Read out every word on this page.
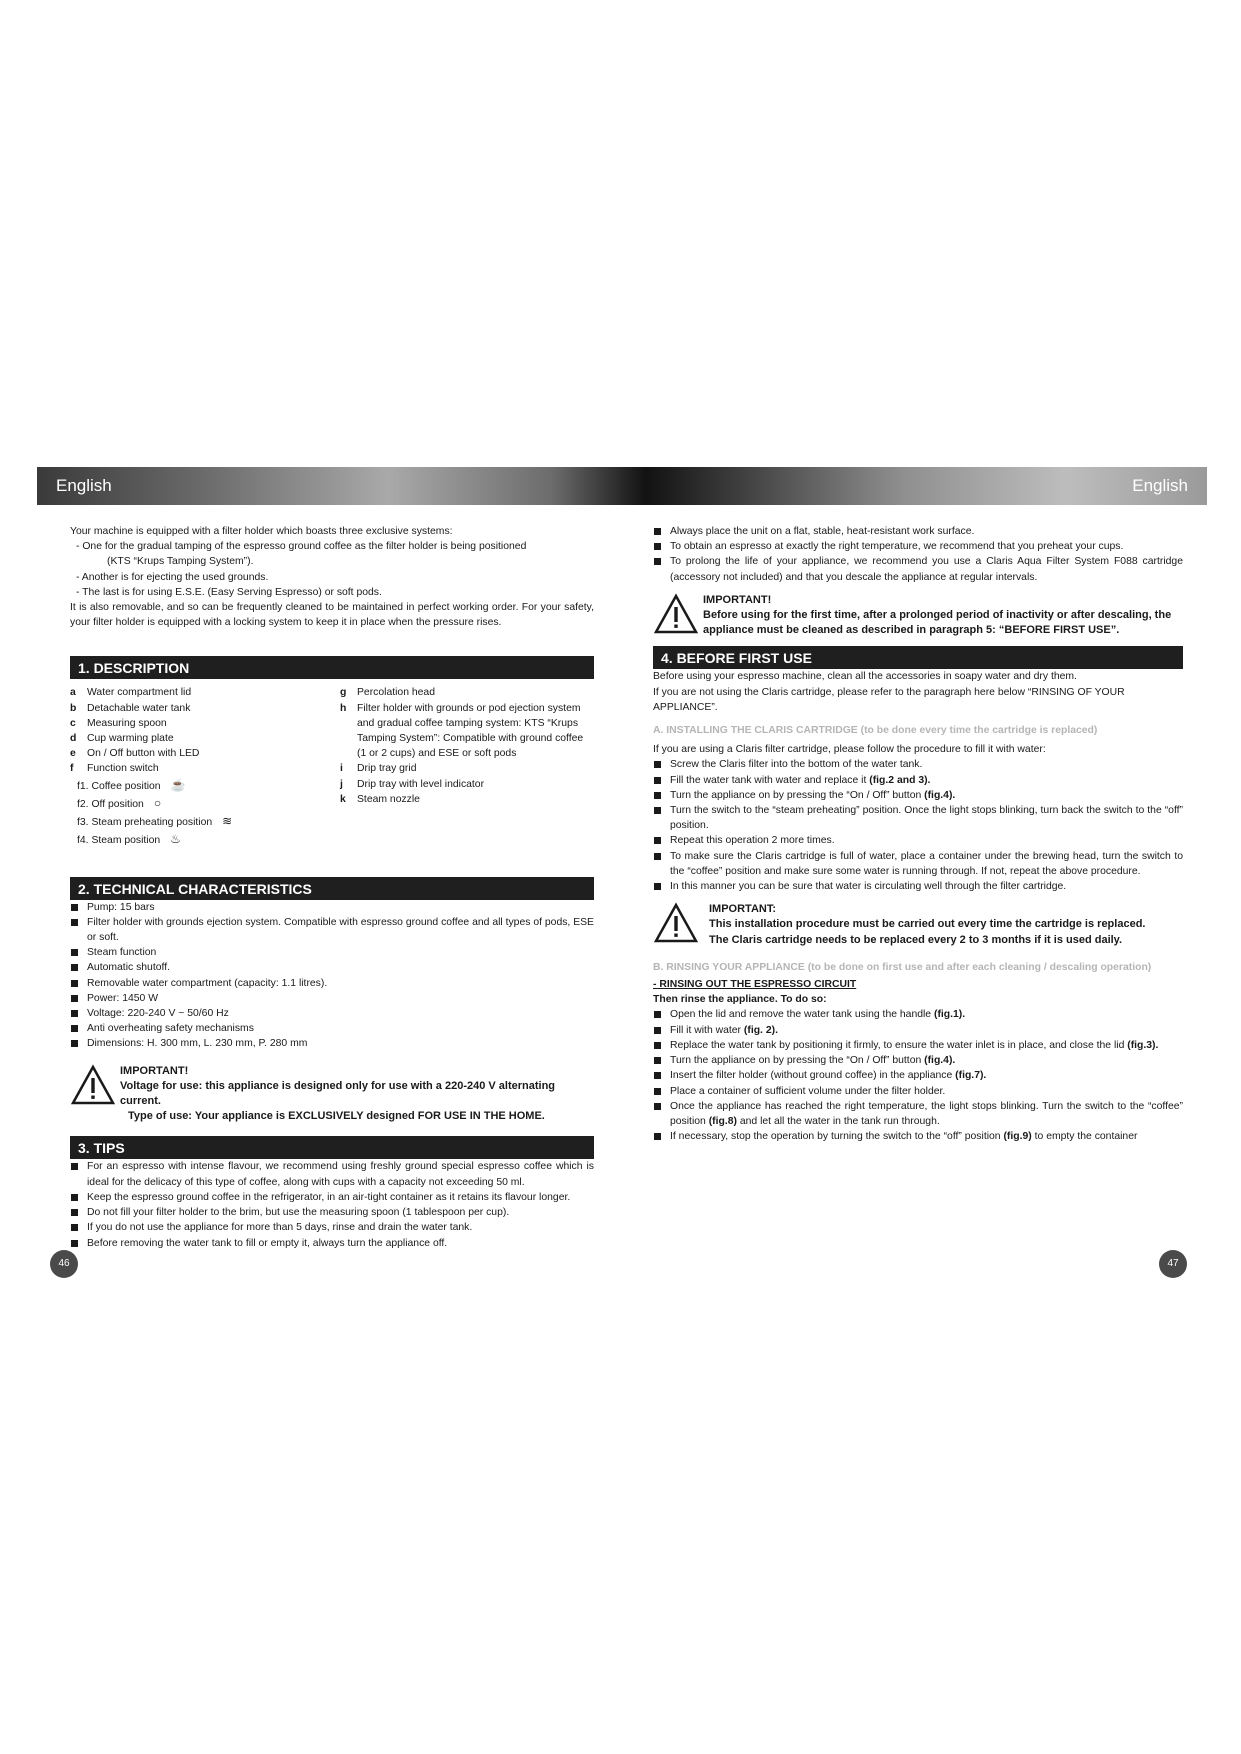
English	English

Your machine is equipped with a filter holder which boasts three exclusive systems:

- One for the gradual tamping of the espresso ground coffee as the filter holder is being positioned

(KTS “Krups Tamping System”).

- Another is for ejecting the used grounds.

- The last is for using E.S.E. (Easy Serving Espresso) or soft pods.

It is also removable, and so can be frequently cleaned to be maintained in perfect working order. For your safety, your filter holder is equipped with a locking system to keep it in place when the pressure rises.

1. DESCRIPTION
a	Water compartment lid
b	Detachable water tank
c	Measuring spoon
d	Cup warming plate
e	On / Off button with LED
f	Function switch
f1. Coffee position ☕
f2. Off position ○
f3. Steam preheating position ≋
f4. Steam position ♨
g	Percolation head
h	Filter holder with grounds or pod ejection system and gradual coffee tamping system: KTS “Krups Tamping System”: Compatible with ground coffee (1 or 2 cups) and ESE or soft pods
i	Drip tray grid
j	Drip tray with level indicator
k	Steam nozzle
2. TECHNICAL CHARACTERISTICS
Pump: 15 bars
Filter holder with grounds ejection system. Compatible with espresso ground coffee and all types of pods, ESE or soft.
Steam function
Automatic shutoff.
Removable water compartment (capacity: 1.1 litres).
Power: 1450 W
Voltage: 220-240 V ~ 50/60 Hz
Anti overheating safety mechanisms
Dimensions: H. 300 mm, L. 230 mm, P. 280 mm

IMPORTANT!

Voltage for use: this appliance is designed only for use with a 220-240 V alternating current.

Type of use: Your appliance is EXCLUSIVELY designed FOR USE IN THE HOME.

3. TIPS
For an espresso with intense flavour, we recommend using freshly ground special espresso coffee which is ideal for the delicacy of this type of coffee, along with cups with a capacity not exceeding 50 ml.
Keep the espresso ground coffee in the refrigerator, in an air-tight container as it retains its flavour longer.
Do not fill your filter holder to the brim, but use the measuring spoon (1 tablespoon per cup).
If you do not use the appliance for more than 5 days, rinse and drain the water tank.
Before removing the water tank to fill or empty it, always turn the appliance off.
46
Always place the unit on a flat, stable, heat-resistant work surface.
To obtain an espresso at exactly the right temperature, we recommend that you preheat your cups.
To prolong the life of your appliance, we recommend you use a Claris Aqua Filter System F088 cartridge (accessory not included) and that you descale the appliance at regular intervals.

IMPORTANT!

Before using for the first time, after a prolonged period of inactivity or after descaling, the appliance must be cleaned as described in paragraph 5: “BEFORE FIRST USE”.

4. BEFORE FIRST USE

Before using your espresso machine, clean all the accessories in soapy water and dry them.

If you are not using the Claris cartridge, please refer to the paragraph here below “RINSING OF YOUR APPLIANCE”.

A. INSTALLING THE CLARIS CARTRIDGE (to be done every time the cartridge is replaced)

If you are using a Claris filter cartridge, please follow the procedure to fill it with water:

Screw the Claris filter into the bottom of the water tank.
Fill the water tank with water and replace it (fig.2 and 3).
Turn the appliance on by pressing the “On / Off” button (fig.4).
Turn the switch to the “steam preheating” position. Once the light stops blinking, turn back the switch to the “off” position.
Repeat this operation 2 more times.
To make sure the Claris cartridge is full of water, place a container under the brewing head, turn the switch to the “coffee” position and make sure some water is running through. If not, repeat the above procedure.
In this manner you can be sure that water is circulating well through the filter cartridge.

IMPORTANT:

This installation procedure must be carried out every time the cartridge is replaced.

The Claris cartridge needs to be replaced every 2 to 3 months if it is used daily.

B. RINSING YOUR APPLIANCE (to be done on first use and after each cleaning / descaling operation)

- RINSING OUT THE ESPRESSO CIRCUIT

Then rinse the appliance. To do so:

Open the lid and remove the water tank using the handle (fig.1).
Fill it with water (fig. 2).
Replace the water tank by positioning it firmly, to ensure the water inlet is in place, and close the lid (fig.3).
Turn the appliance on by pressing the “On / Off” button (fig.4).
Insert the filter holder (without ground coffee) in the appliance (fig.7).
Place a container of sufficient volume under the filter holder.
Once the appliance has reached the right temperature, the light stops blinking. Turn the switch to the “coffee” position (fig.8) and let all the water in the tank run through.
If necessary, stop the operation by turning the switch to the “off” position (fig.9) to empty the container
47
